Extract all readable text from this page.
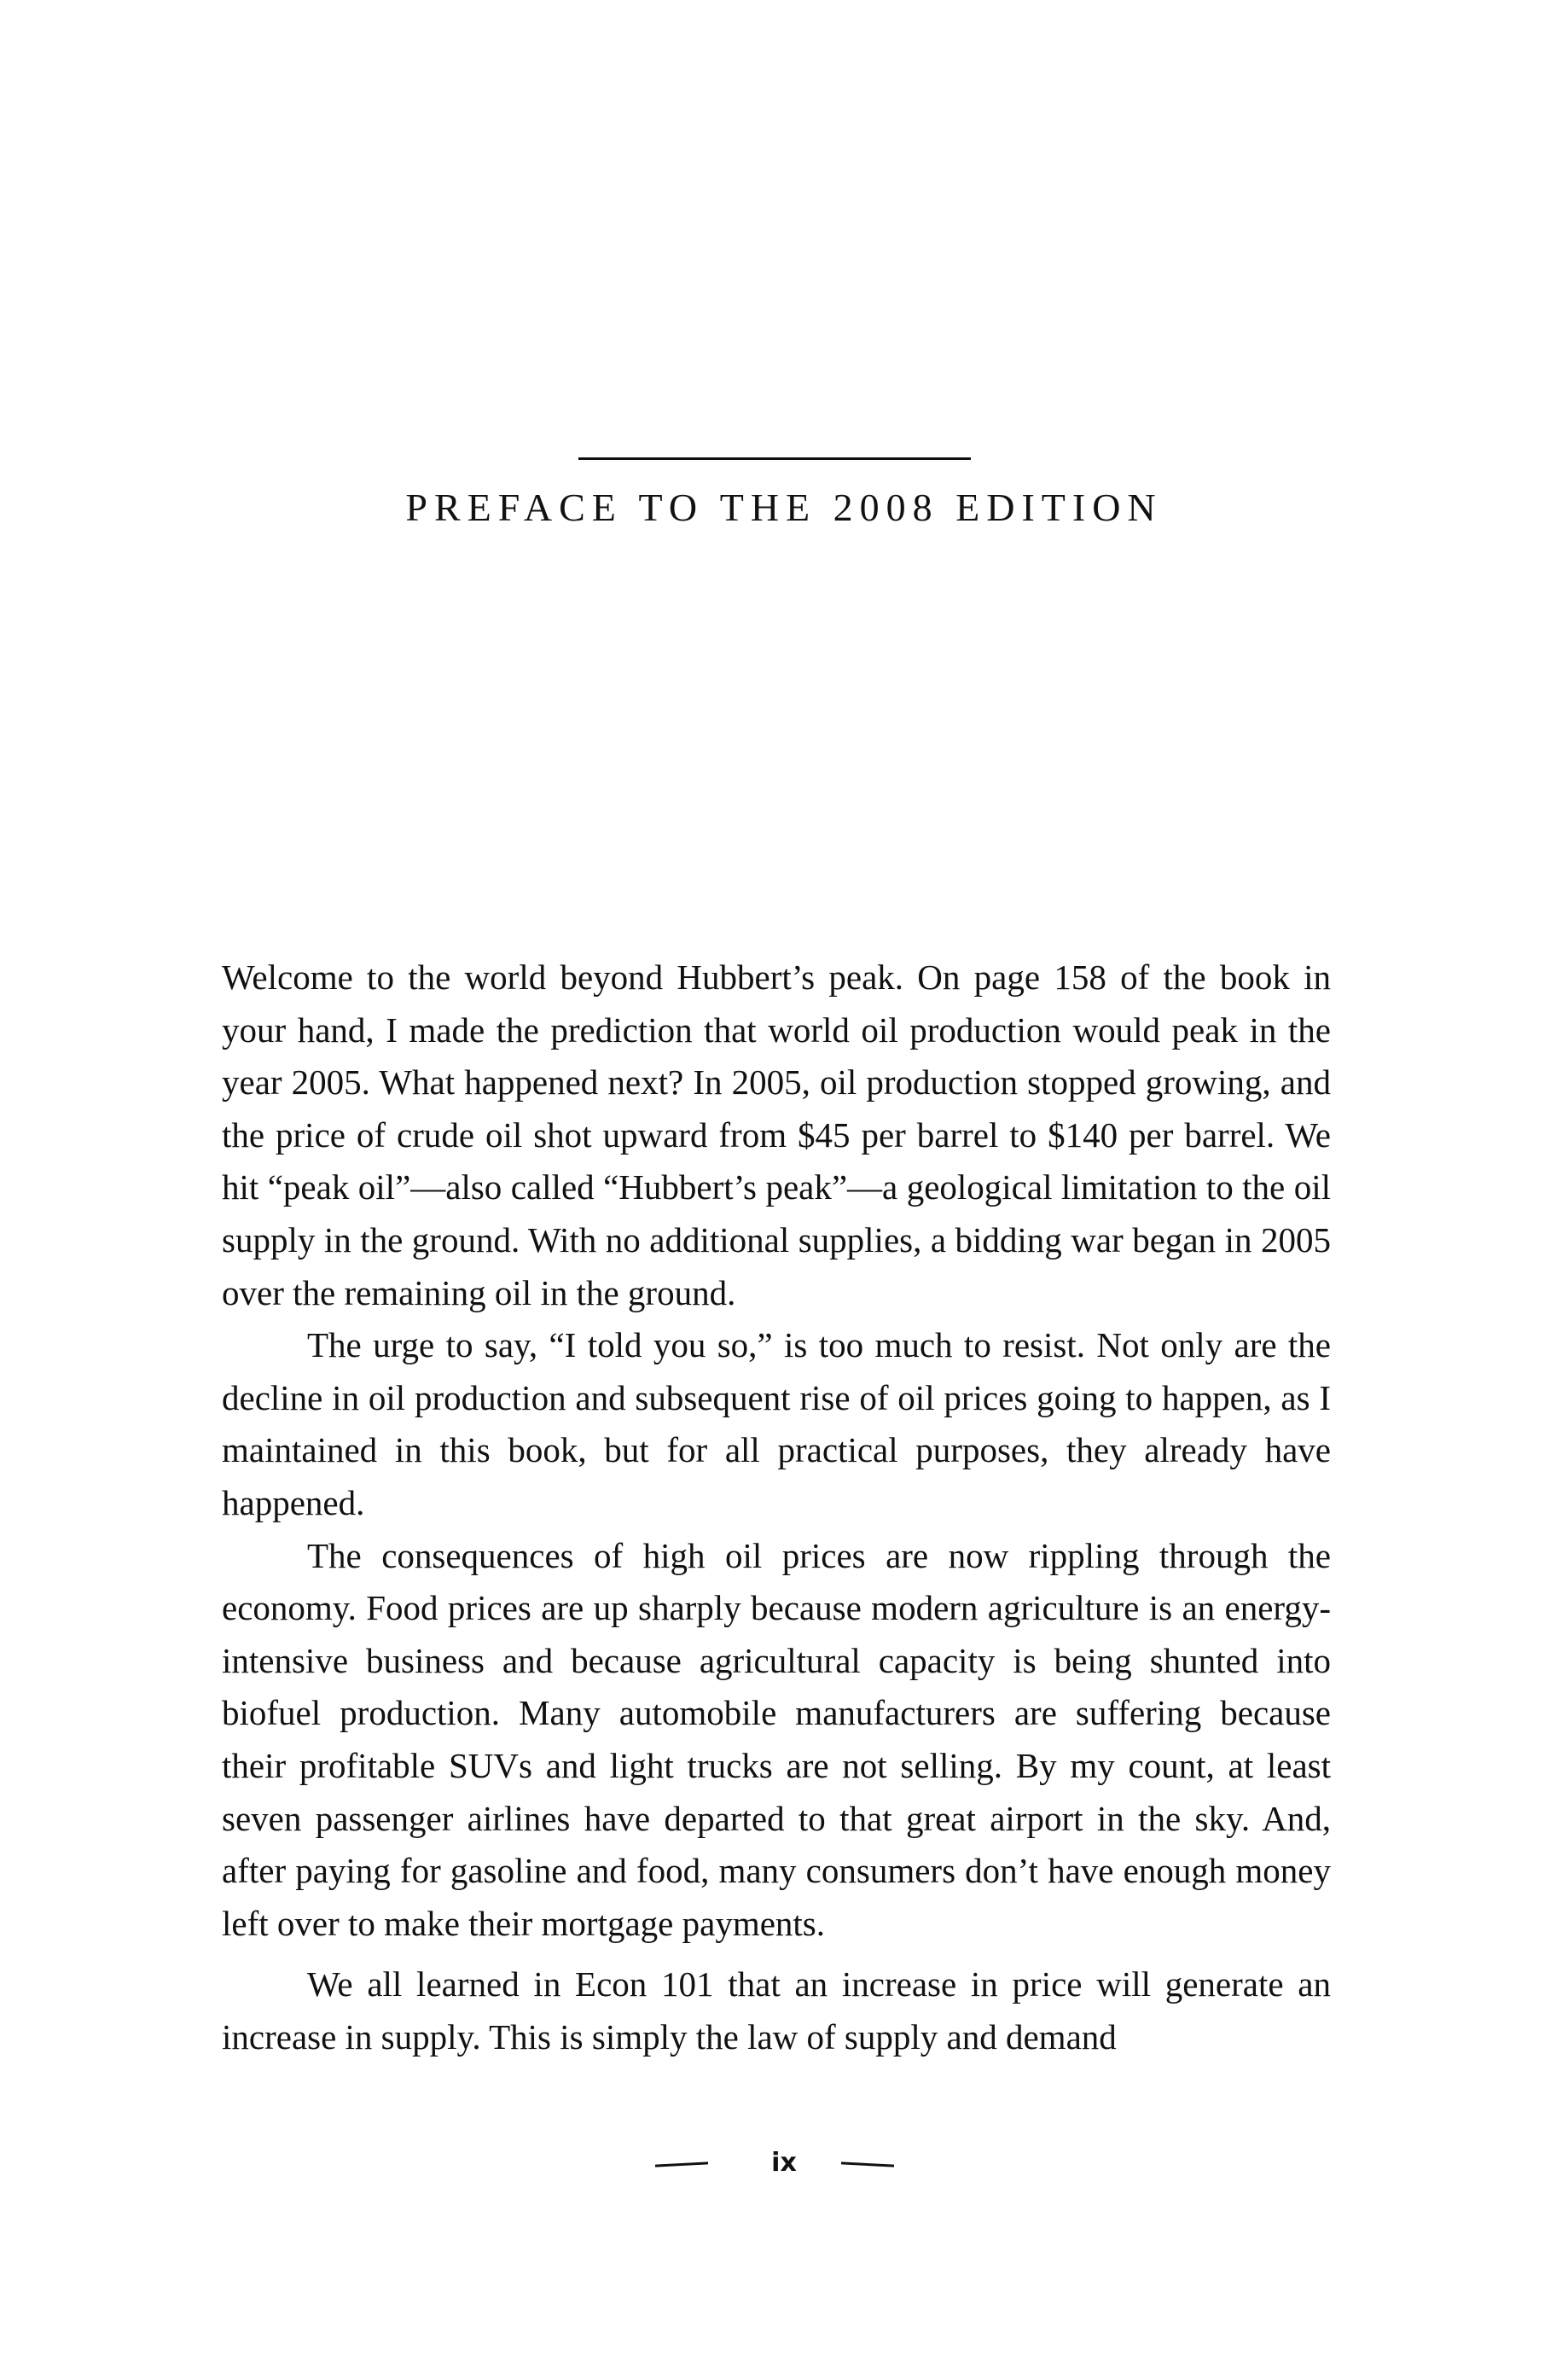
PREFACE TO THE 2008 EDITION

Welcome to the world beyond Hubbert’s peak. On page 158 of the book in your hand, I made the prediction that world oil production would peak in the year 2005. What happened next? In 2005, oil production stopped growing, and the price of crude oil shot upward from $45 per barrel to $140 per barrel. We hit “peak oil”—also called “Hubbert’s peak”—a geological limitation to the oil supply in the ground. With no additional supplies, a bidding war began in 2005 over the remaining oil in the ground.

The urge to say, “I told you so,” is too much to resist. Not only are the decline in oil production and subsequent rise of oil prices going to happen, as I maintained in this book, but for all practical purposes, they already have happened.

The consequences of high oil prices are now rippling through the economy. Food prices are up sharply because modern agriculture is an energy-intensive business and because agricultural capacity is being shunted into biofuel production. Many automobile manufacturers are suffering because their profitable SUVs and light trucks are not selling. By my count, at least seven passenger airlines have departed to that great airport in the sky. And, after paying for gasoline and food, many consumers don’t have enough money left over to make their mortgage payments.

We all learned in Econ 101 that an increase in price will generate an increase in supply. This is simply the law of supply and demand

ix
